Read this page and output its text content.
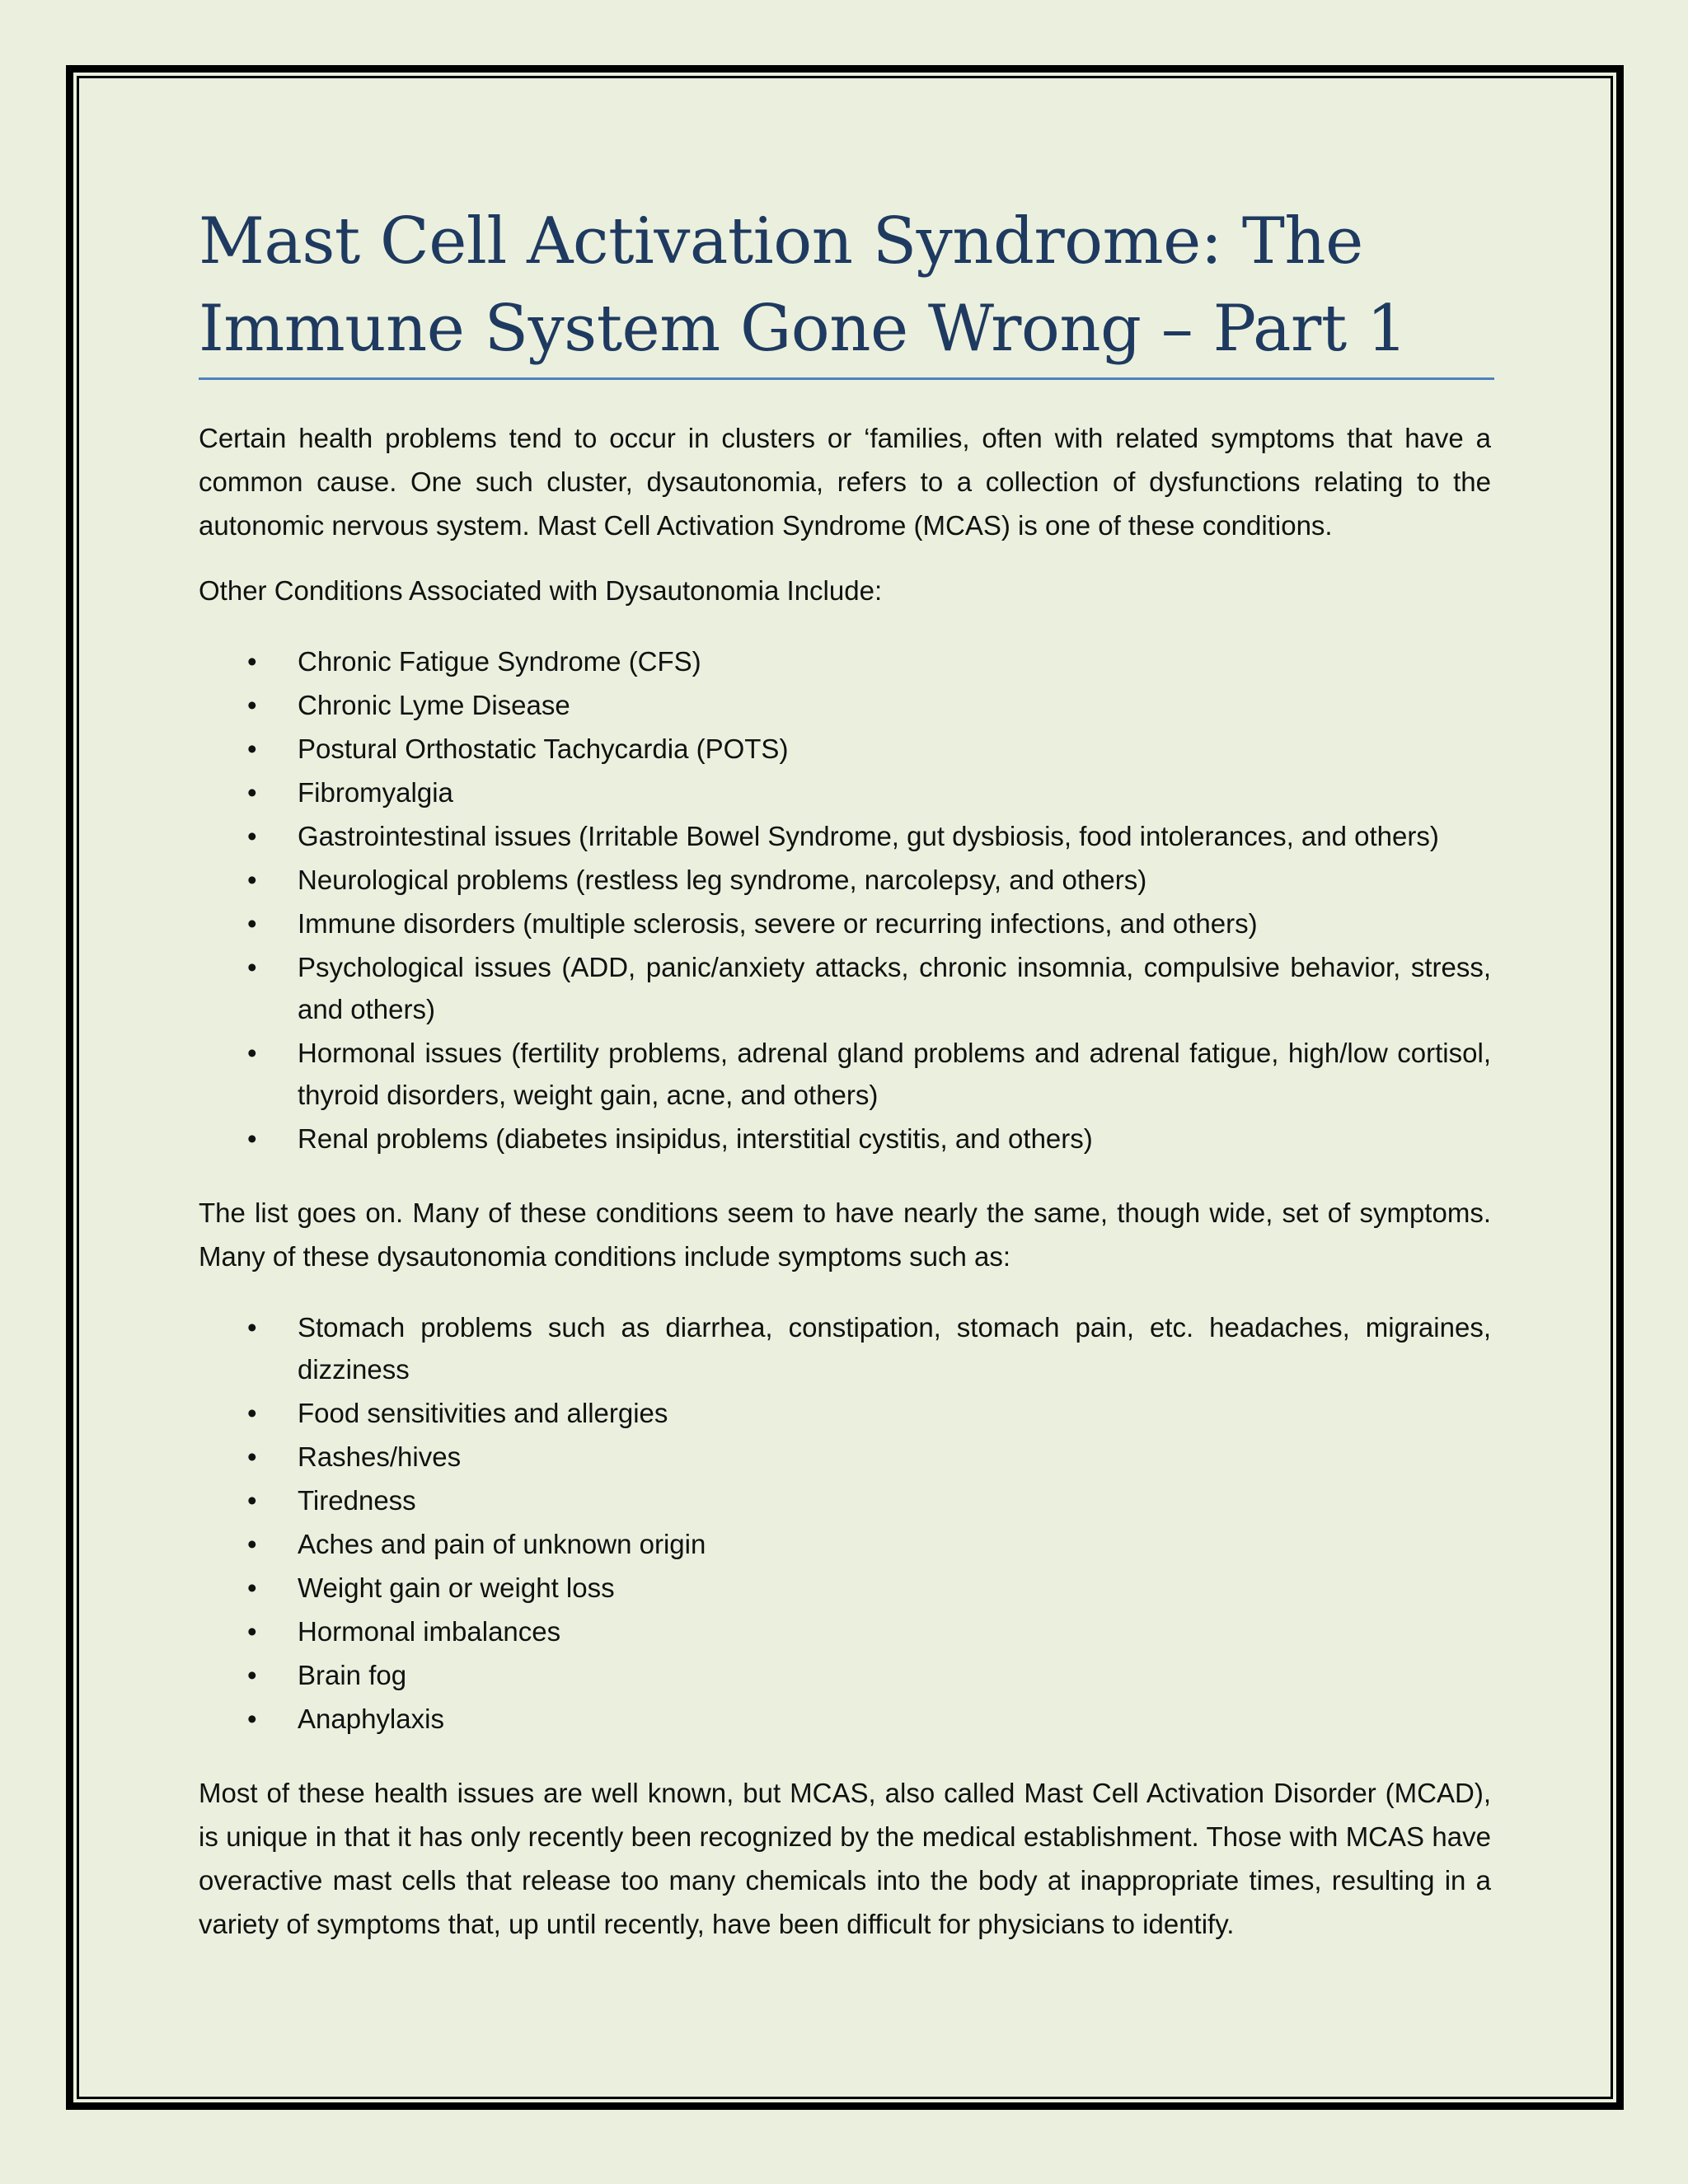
Mast Cell Activation Syndrome: The
Immune System Gone Wrong – Part 1

Certain health problems tend to occur in clusters or ‘families, often with related symptoms that have a common cause. One such cluster, dysautonomia, refers to a collection of dysfunctions relating to the autonomic nervous system. Mast Cell Activation Syndrome (MCAS) is one of these conditions.

Other Conditions Associated with Dysautonomia Include:

• Chronic Fatigue Syndrome (CFS)
• Chronic Lyme Disease
• Postural Orthostatic Tachycardia (POTS)
• Fibromyalgia
• Gastrointestinal issues (Irritable Bowel Syndrome, gut dysbiosis, food intolerances, and others)
• Neurological problems (restless leg syndrome, narcolepsy, and others)
• Immune disorders (multiple sclerosis, severe or recurring infections, and others)
• Psychological issues (ADD, panic/anxiety attacks, chronic insomnia, compulsive behavior, stress, and others)
• Hormonal issues (fertility problems, adrenal gland problems and adrenal fatigue, high/low cortisol, thyroid disorders, weight gain, acne, and others)
• Renal problems (diabetes insipidus, interstitial cystitis, and others)

The list goes on. Many of these conditions seem to have nearly the same, though wide, set of symptoms. Many of these dysautonomia conditions include symptoms such as:

• Stomach problems such as diarrhea, constipation, stomach pain, etc. headaches, migraines, dizziness
• Food sensitivities and allergies
• Rashes/hives
• Tiredness
• Aches and pain of unknown origin
• Weight gain or weight loss
• Hormonal imbalances
• Brain fog
• Anaphylaxis

Most of these health issues are well known, but MCAS, also called Mast Cell Activation Disorder (MCAD), is unique in that it has only recently been recognized by the medical establishment. Those with MCAS have overactive mast cells that release too many chemicals into the body at inappropriate times, resulting in a variety of symptoms that, up until recently, have been difficult for physicians to identify.
